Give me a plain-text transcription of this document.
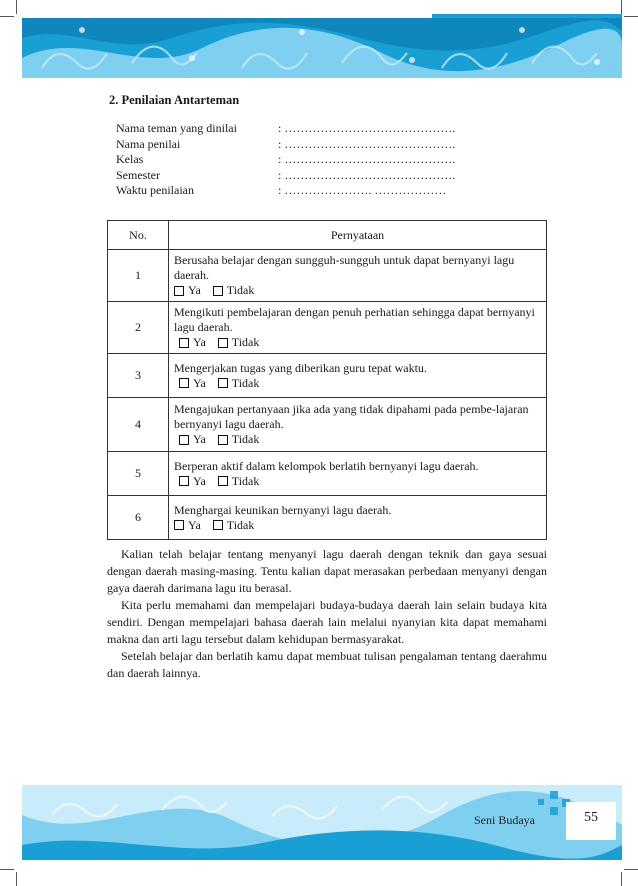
2. Penilaian Antarteman
Nama teman yang dinilai	: …………………………………….
Nama penilai	: …………………………………….
Kelas	: …………………………………….
Semester	: …………………………………….
Waktu penilaian	: …………………. ………………
No.	Pernyataan
1	Berusaha belajar dengan sungguh-sungguh untuk dapat bernyanyi lagu daerah.
Ya Tidak

2	Mengikuti pembelajaran dengan penuh perhatian sehingga dapat bernyanyi lagu daerah.
Ya Tidak

3	Mengerjakan tugas yang diberikan guru tepat waktu.
Ya Tidak

4	Mengajukan pertanyaan jika ada yang tidak dipahami pada pembe-lajaran bernyanyi lagu daerah.
Ya Tidak

5	Berperan aktif dalam kelompok berlatih bernyanyi lagu daerah.
Ya Tidak

6	Menghargai keunikan bernyanyi lagu daerah.
Ya Tidak

Kalian telah belajar tentang menyanyi lagu daerah dengan teknik dan gaya sesuai dengan daerah masing-masing. Tentu kalian dapat merasakan perbedaan menyanyi dengan gaya daerah darimana lagu itu berasal.

Kita perlu memahami dan mempelajari budaya-budaya daerah lain selain budaya kita sendiri. Dengan mempelajari bahasa daerah lain melalui nyanyian kita dapat memahami makna dan arti lagu tersebut dalam kehidupan bermasyarakat.

Setelah belajar dan berlatih kamu dapat membuat tulisan pengalaman tentang daerahmu dan daerah lainnya.

Seni Budaya	55
